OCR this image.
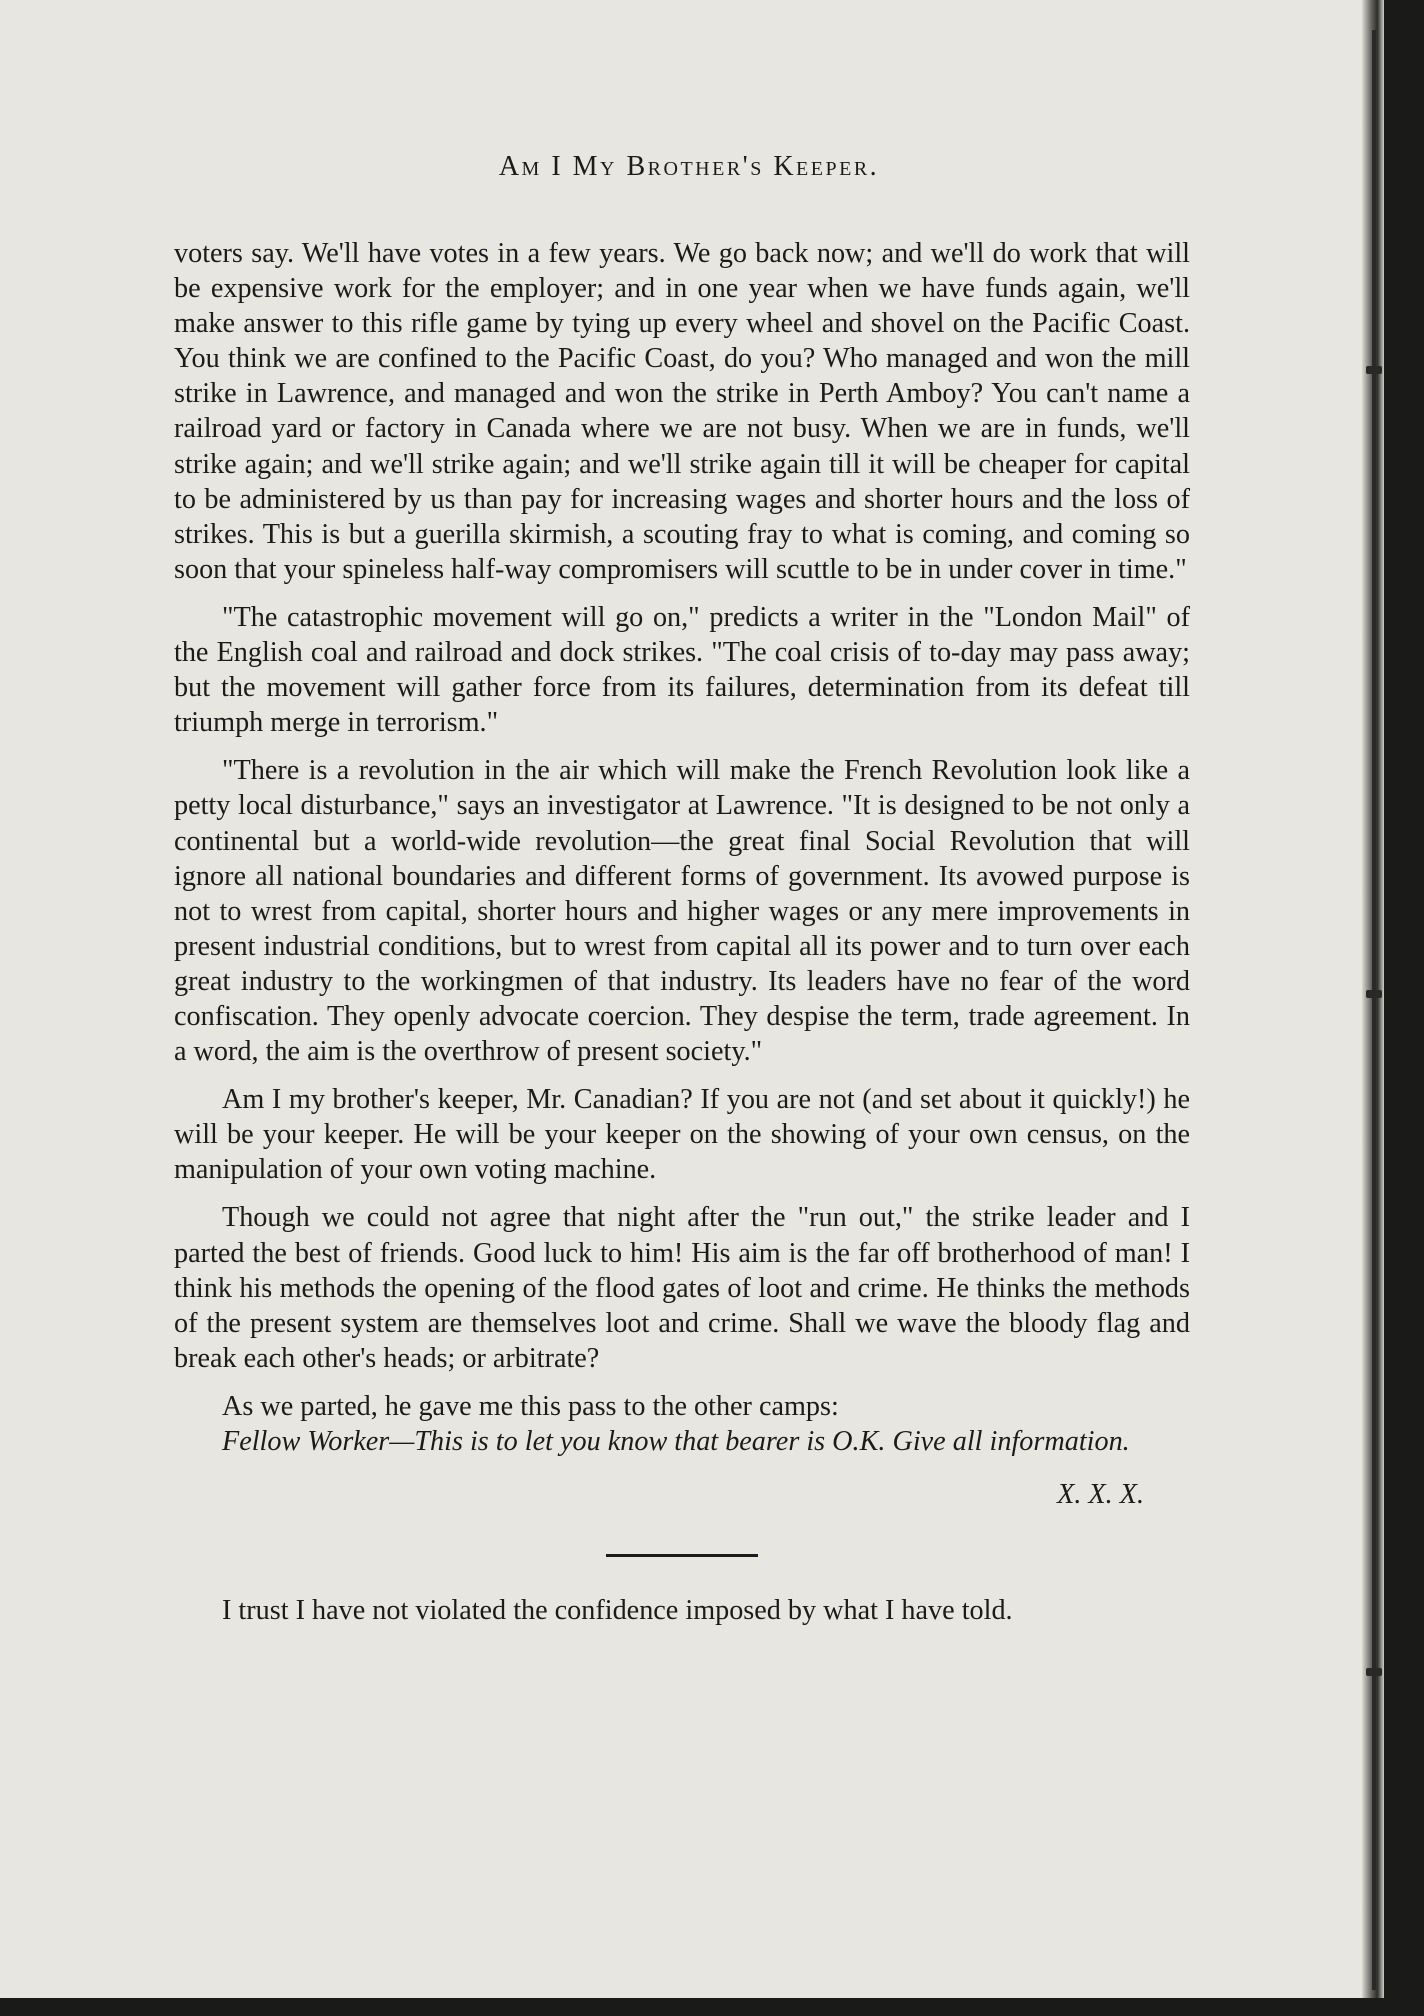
Am I My Brother's Keeper.

voters say. We'll have votes in a few years. We go back now; and we'll do work that will be expensive work for the employer; and in one year when we have funds again, we'll make answer to this rifle game by tying up every wheel and shovel on the Pacific Coast. You think we are confined to the Pacific Coast, do you? Who managed and won the mill strike in Lawrence, and managed and won the strike in Perth Amboy? You can't name a railroad yard or factory in Canada where we are not busy. When we are in funds, we'll strike again; and we'll strike again; and we'll strike again till it will be cheaper for capital to be administered by us than pay for increasing wages and shorter hours and the loss of strikes. This is but a guerilla skirmish, a scouting fray to what is coming, and coming so soon that your spineless half-way compromisers will scuttle to be in under cover in time."

"The catastrophic movement will go on," predicts a writer in the "London Mail" of the English coal and railroad and dock strikes. "The coal crisis of to-day may pass away; but the movement will gather force from its failures, determination from its defeat till triumph merge in terrorism."

"There is a revolution in the air which will make the French Revolution look like a petty local disturbance," says an investigator at Lawrence. "It is designed to be not only a continental but a world-wide revolution—the great final Social Revolution that will ignore all national boundaries and different forms of government. Its avowed purpose is not to wrest from capital, shorter hours and higher wages or any mere improvements in present industrial conditions, but to wrest from capital all its power and to turn over each great industry to the workingmen of that industry. Its leaders have no fear of the word confiscation. They openly advocate coercion. They despise the term, trade agreement. In a word, the aim is the overthrow of present society."

Am I my brother's keeper, Mr. Canadian? If you are not (and set about it quickly!) he will be your keeper. He will be your keeper on the showing of your own census, on the manipulation of your own voting machine.

Though we could not agree that night after the "run out," the strike leader and I parted the best of friends. Good luck to him! His aim is the far off brotherhood of man! I think his methods the opening of the flood gates of loot and crime. He thinks the methods of the present system are themselves loot and crime. Shall we wave the bloody flag and break each other's heads; or arbitrate?

As we parted, he gave me this pass to the other camps:

Fellow Worker—This is to let you know that bearer is O.K. Give all information.

X. X. X.

I trust I have not violated the confidence imposed by what I have told.
